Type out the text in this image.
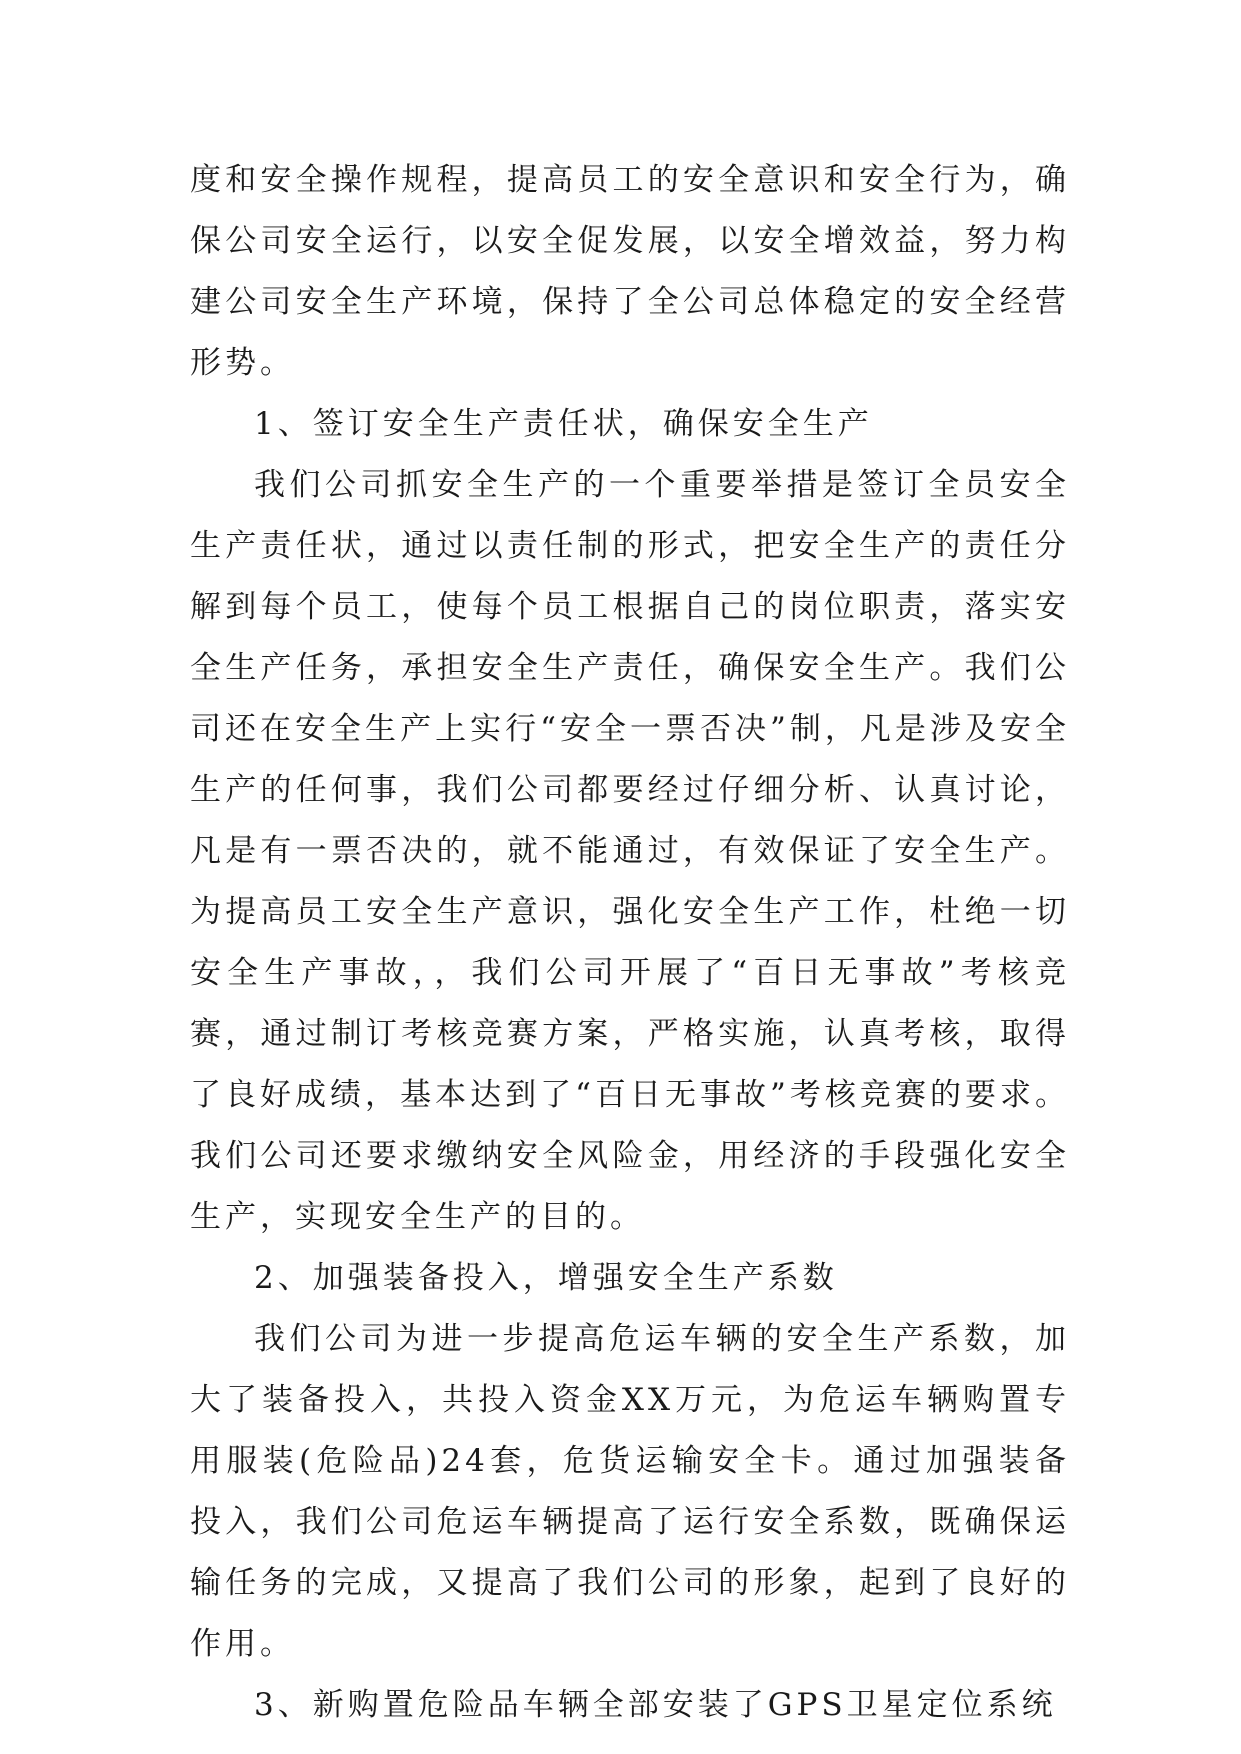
度和安全操作规程，提高员工的安全意识和安全行为，确保公司安全运行，以安全促发展，以安全增效益，努力构建公司安全生产环境，保持了全公司总体稳定的安全经营形势。

1、签订安全生产责任状，确保安全生产

我们公司抓安全生产的一个重要举措是签订全员安全生产责任状，通过以责任制的形式，把安全生产的责任分解到每个员工，使每个员工根据自己的岗位职责，落实安全生产任务，承担安全生产责任，确保安全生产。我们公司还在安全生产上实行“安全一票否决”制，凡是涉及安全生产的任何事，我们公司都要经过仔细分析、认真讨论，凡是有一票否决的，就不能通过，有效保证了安全生产。为提高员工安全生产意识，强化安全生产工作，杜绝一切安全生产事故，，我们公司开展了“百日无事故”考核竞赛，通过制订考核竞赛方案，严格实施，认真考核，取得了良好成绩，基本达到了“百日无事故”考核竞赛的要求。我们公司还要求缴纳安全风险金，用经济的手段强化安全生产，实现安全生产的目的。

2、加强装备投入，增强安全生产系数

我们公司为进一步提高危运车辆的安全生产系数，加大了装备投入，共投入资金XX万元，为危运车辆购置专用服装(危险品)24套，危货运输安全卡。通过加强装备投入，我们公司危运车辆提高了运行安全系数，既确保运输任务的完成，又提高了我们公司的形象，起到了良好的作用。

3、新购置危险品车辆全部安装了GPS卫星定位系统
